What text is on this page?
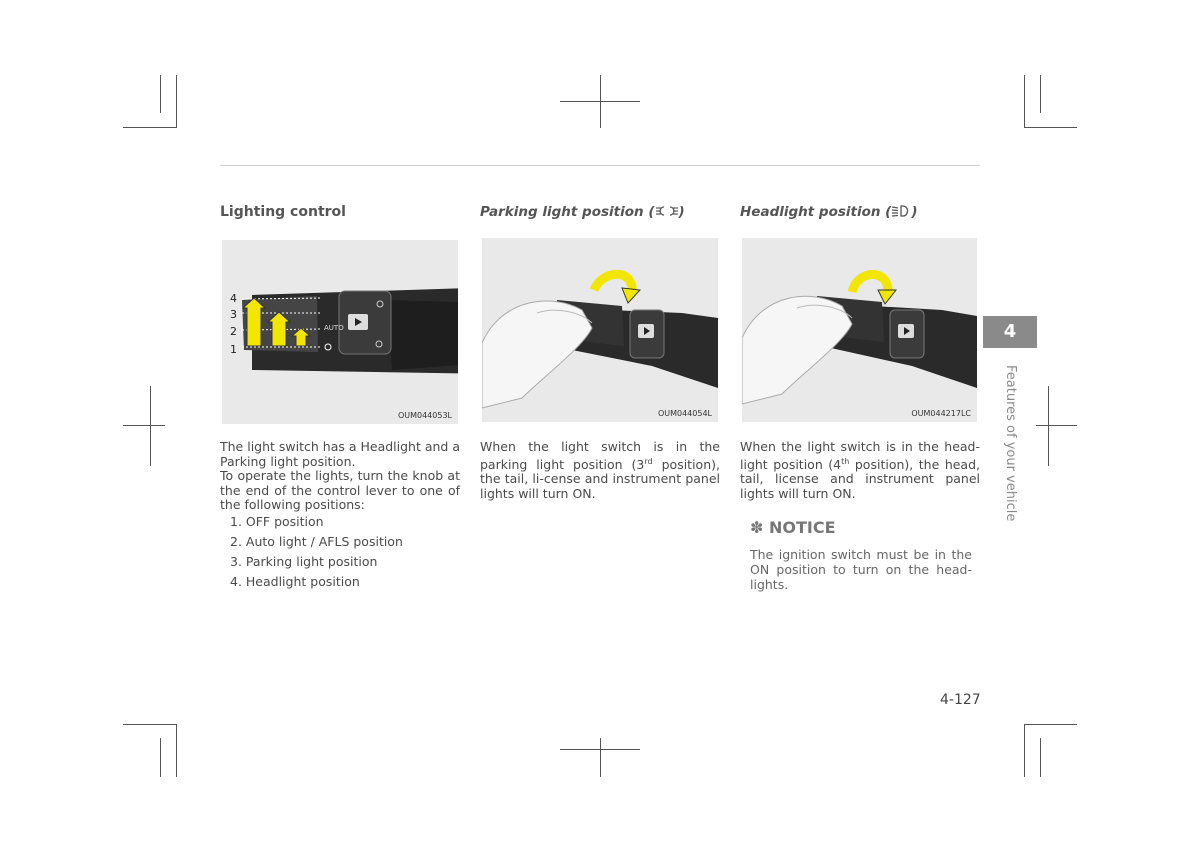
Lighting control
AUTO
4
3
2
1
OUM044053L

The light switch has a Headlight and a Parking light position.

To operate the lights, turn the knob at the end of the control lever to one of the following positions:

1. OFF position
2. Auto light / AFLS position
3. Parking light position
4. Headlight position
Parking light position ( )
OUM044054L

When the light switch is in the parking light position (3rd position), the tail, li-cense and instrument panel lights will turn ON.

Headlight position ( )
OUM044217LC

When the light switch is in the head-light position (4th position), the head, tail, license and instrument panel lights will turn ON.

✽ NOTICE

The ignition switch must be in the ON position to turn on the head-lights.

4
Features of your vehicle
4-127
